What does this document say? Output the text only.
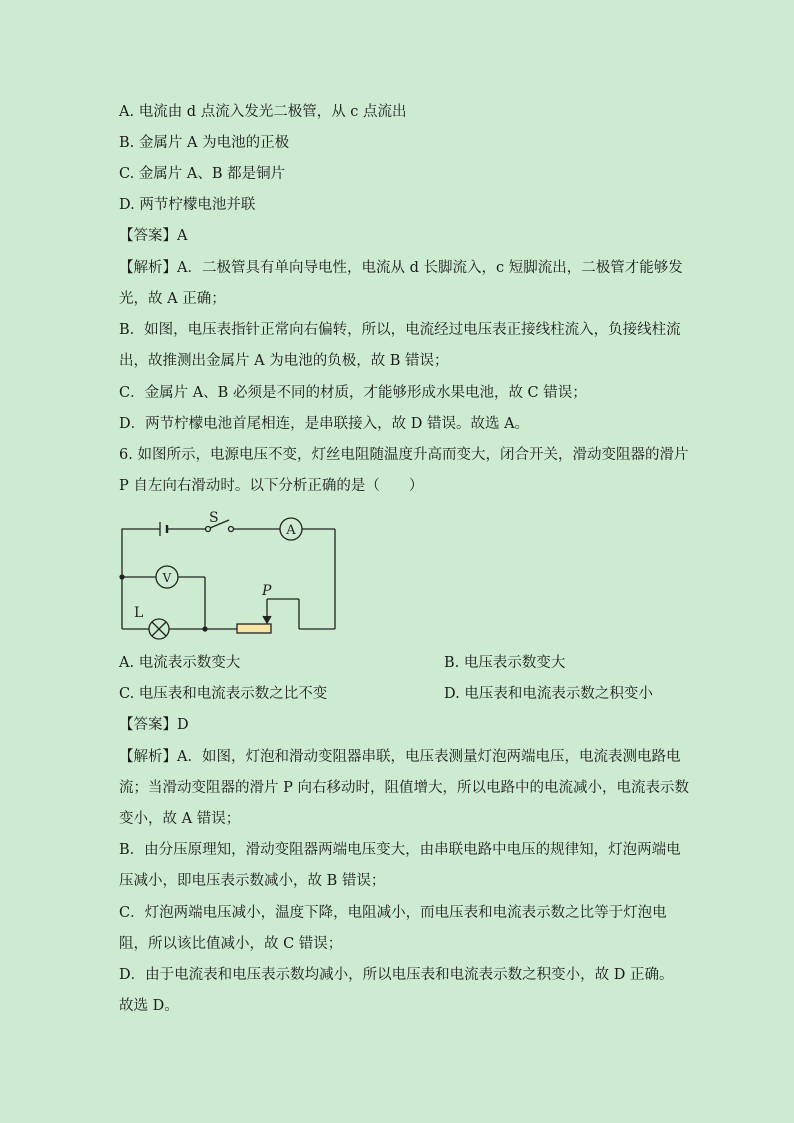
A. 电流由 d 点流入发光二极管，从 c 点流出
B. 金属片 A 为电池的正极
C. 金属片 A、B 都是铜片
D. 两节柠檬电池并联
【答案】A
【解析】A．二极管具有单向导电性，电流从 d 长脚流入，c 短脚流出，二极管才能够发
光，故 A 正确；
B．如图，电压表指针正常向右偏转，所以，电流经过电压表正接线柱流入，负接线柱流
出，故推测出金属片 A 为电池的负极，故 B 错误；
C．金属片 A、B 必须是不同的材质，才能够形成水果电池，故 C 错误；
D．两节柠檬电池首尾相连，是串联接入，故 D 错误。故选 A。
6. 如图所示，电源电压不变，灯丝电阻随温度升高而变大，闭合开关，滑动变阻器的滑片
P 自左向右滑动时。以下分析正确的是（　　）
S
A
V
L
P
A. 电流表示数变大	B. 电压表示数变大
C. 电压表和电流表示数之比不变	D. 电压表和电流表示数之积变小
【答案】D
【解析】A．如图，灯泡和滑动变阻器串联，电压表测量灯泡两端电压，电流表测电路电
流；当滑动变阻器的滑片 P 向右移动时，阻值增大，所以电路中的电流减小，电流表示数
变小，故 A 错误；
B．由分压原理知，滑动变阻器两端电压变大，由串联电路中电压的规律知，灯泡两端电
压减小，即电压表示数减小，故 B 错误；
C．灯泡两端电压减小，温度下降，电阻减小，而电压表和电流表示数之比等于灯泡电
阻，所以该比值减小，故 C 错误；
D．由于电流表和电压表示数均减小，所以电压表和电流表示数之积变小，故 D 正确。
故选 D。
